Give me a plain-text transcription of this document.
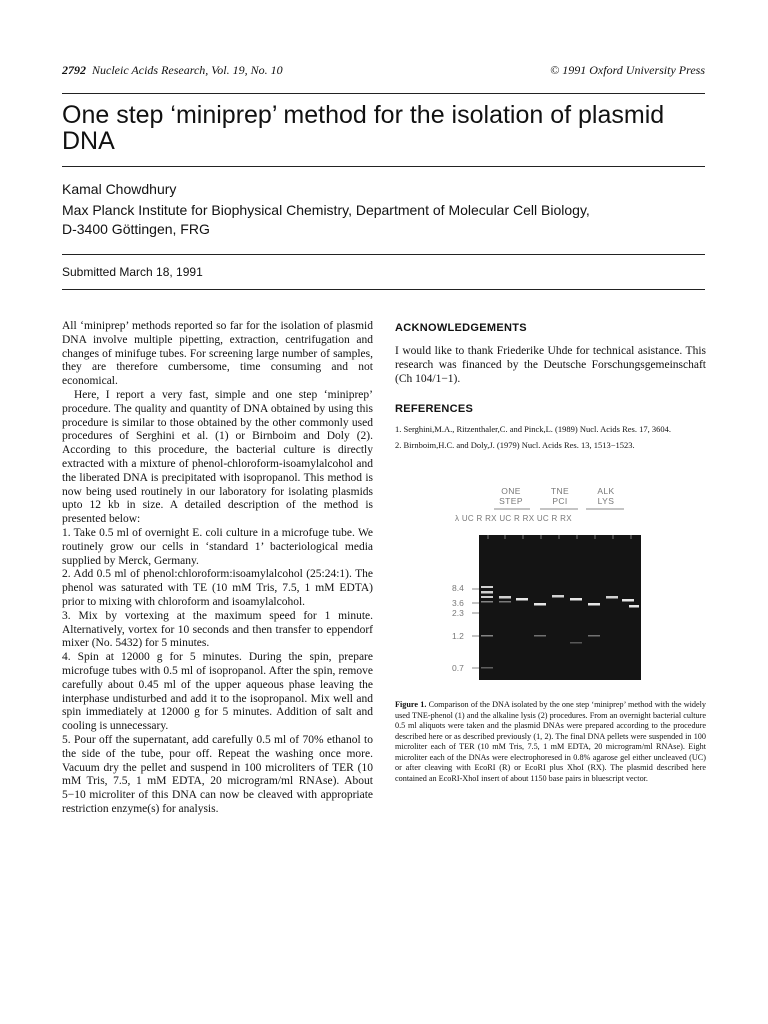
2792 Nucleic Acids Research, Vol. 19, No. 10	© 1991 Oxford University Press
One step ‘miniprep’ method for the isolation of plasmid DNA
Kamal Chowdhury
Max Planck Institute for Biophysical Chemistry, Department of Molecular Cell Biology,
D-3400 Göttingen, FRG
Submitted March 18, 1991

All ‘miniprep’ methods reported so far for the isolation of plasmid DNA involve multiple pipetting, extraction, centrifugation and changes of minifuge tubes. For screening large number of samples, they are therefore cumbersome, time consuming and not economical.

Here, I report a very fast, simple and one step ‘miniprep’ procedure. The quality and quantity of DNA obtained by using this procedure is similar to those obtained by the other commonly used procedures of Serghini et al. (1) or Birnboim and Doly (2). According to this procedure, the bacterial culture is directly extracted with a mixture of phenol-chloroform-isoamylalcohol and the liberated DNA is precipitated with isopropanol. This method is now being used routinely in our laboratory for isolating plasmids upto 12 kb in size. A detailed description of the method is presented below:

1. Take 0.5 ml of overnight E. coli culture in a microfuge tube. We routinely grow our cells in ‘standard 1’ bacteriological media supplied by Merck, Germany.

2. Add 0.5 ml of phenol:chloroform:isoamylalcohol (25:24:1). The phenol was saturated with TE (10 mM Tris, 7.5, 1 mM EDTA) prior to mixing with chloroform and isoamylalcohol.

3. Mix by vortexing at the maximum speed for 1 minute. Alternatively, vortex for 10 seconds and then transfer to eppendorf mixer (No. 5432) for 5 minutes.

4. Spin at 12000 g for 5 minutes. During the spin, prepare microfuge tubes with 0.5 ml of isopropanol. After the spin, remove carefully about 0.45 ml of the upper aqueous phase leaving the interphase undisturbed and add it to the isopropanol. Mix well and spin immediately at 12000 g for 5 minutes. Addition of salt and cooling is unnecessary.

5. Pour off the supernatant, add carefully 0.5 ml of 70% ethanol to the side of the tube, pour off. Repeat the washing once more. Vacuum dry the pellet and suspend in 100 microliters of TER (10 mM Tris, 7.5, 1 mM EDTA, 20 microgram/ml RNAse). About 5−10 microliter of this DNA can now be cleaved with appropriate restriction enzyme(s) for analysis.

ACKNOWLEDGEMENTS
I would like to thank Friederike Uhde for technical asistance. This research was financed by the Deutsche Forschungsgemeinschaft (Ch 104/1−1).
REFERENCES
1. Serghini,M.A., Ritzenthaler,C. and Pinck,L. (1989) Nucl. Acids Res. 17, 3604.
2. Birnboim,H.C. and Doly,J. (1979) Nucl. Acids Res. 13, 1513−1523.
ONE
STEP
TNE
PCI
ALK
LYS
λ UC R RX UC R RX UC R RX
8.4
3.6
2.3
1.2
0.7
Figure 1. Comparison of the DNA isolated by the one step ‘miniprep’ method with the widely used TNE-phenol (1) and the alkaline lysis (2) procedures. From an overnight bacterial culture 0.5 ml aliquots were taken and the plasmid DNAs were prepared according to the procedure described here or as described previously (1, 2). The final DNA pellets were suspended in 100 microliter each of TER (10 mM Tris, 7.5, 1 mM EDTA, 20 microgram/ml RNAse). Eight microliter each of the DNAs were electrophoresed in 0.8% agarose gel either uncleaved (UC) or after cleaving with EcoRI (R) or EcoRI plus XhoI (RX). The plasmid described here contained an EcoRI-XhoI insert of about 1150 base pairs in bluescript vector.
